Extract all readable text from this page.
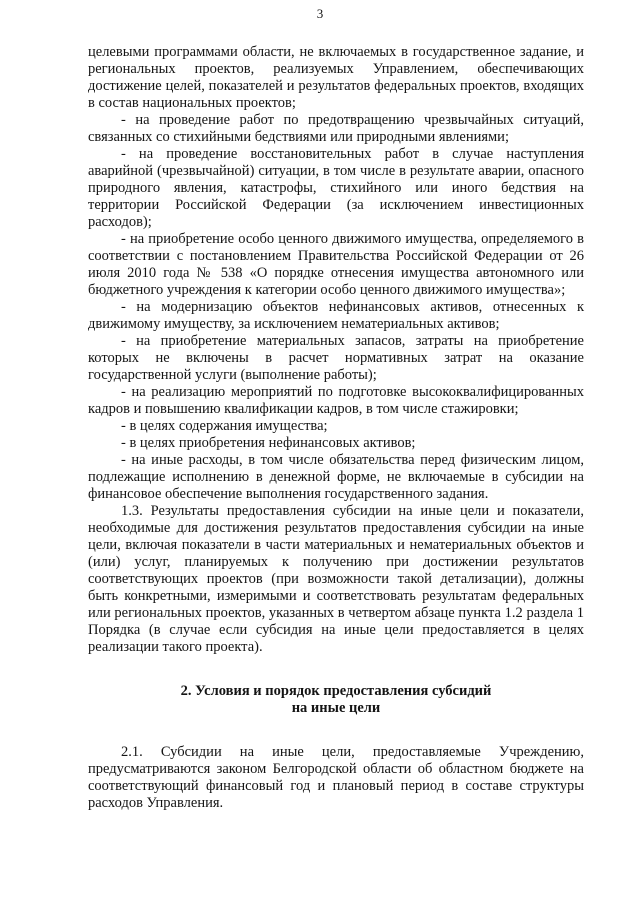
3

целевыми программами области, не включаемых в государственное задание, и региональных проектов, реализуемых Управлением, обеспечивающих достижение целей, показателей и результатов федеральных проектов, входящих в состав национальных проектов;

- на проведение работ по предотвращению чрезвычайных ситуаций, связанных со стихийными бедствиями или природными явлениями;

- на проведение восстановительных работ в случае наступления аварийной (чрезвычайной) ситуации, в том числе в результате аварии, опасного природного явления, катастрофы, стихийного или иного бедствия на территории Российской Федерации (за исключением инвестиционных расходов);

- на приобретение особо ценного движимого имущества, определяемого в соответствии с постановлением Правительства Российской Федерации от 26 июля 2010 года № 538 «О порядке отнесения имущества автономного или бюджетного учреждения к категории особо ценного движимого имущества»;

- на модернизацию объектов нефинансовых активов, отнесенных к движимому имуществу, за исключением нематериальных активов;

- на приобретение материальных запасов, затраты на приобретение которых не включены в расчет нормативных затрат на оказание государственной услуги (выполнение работы);

- на реализацию мероприятий по подготовке высококвалифицированных кадров и повышению квалификации кадров, в том числе стажировки;

- в целях содержания имущества;

- в целях приобретения нефинансовых активов;

- на иные расходы, в том числе обязательства перед физическим лицом, подлежащие исполнению в денежной форме, не включаемые в субсидии на финансовое обеспечение выполнения государственного задания.

1.3. Результаты предоставления субсидии на иные цели и показатели, необходимые для достижения результатов предоставления субсидии на иные цели, включая показатели в части материальных и нематериальных объектов и (или) услуг, планируемых к получению при достижении результатов соответствующих проектов (при возможности такой детализации), должны быть конкретными, измеримыми и соответствовать результатам федеральных или региональных проектов, указанных в четвертом абзаце пункта 1.2 раздела 1 Порядка (в случае если субсидия на иные цели предоставляется в целях реализации такого проекта).

2. Условия и порядок предоставления субсидий
на иные цели

2.1. Субсидии на иные цели, предоставляемые Учреждению, предусматриваются законом Белгородской области об областном бюджете на соответствующий финансовый год и плановый период в составе структуры расходов Управления.
